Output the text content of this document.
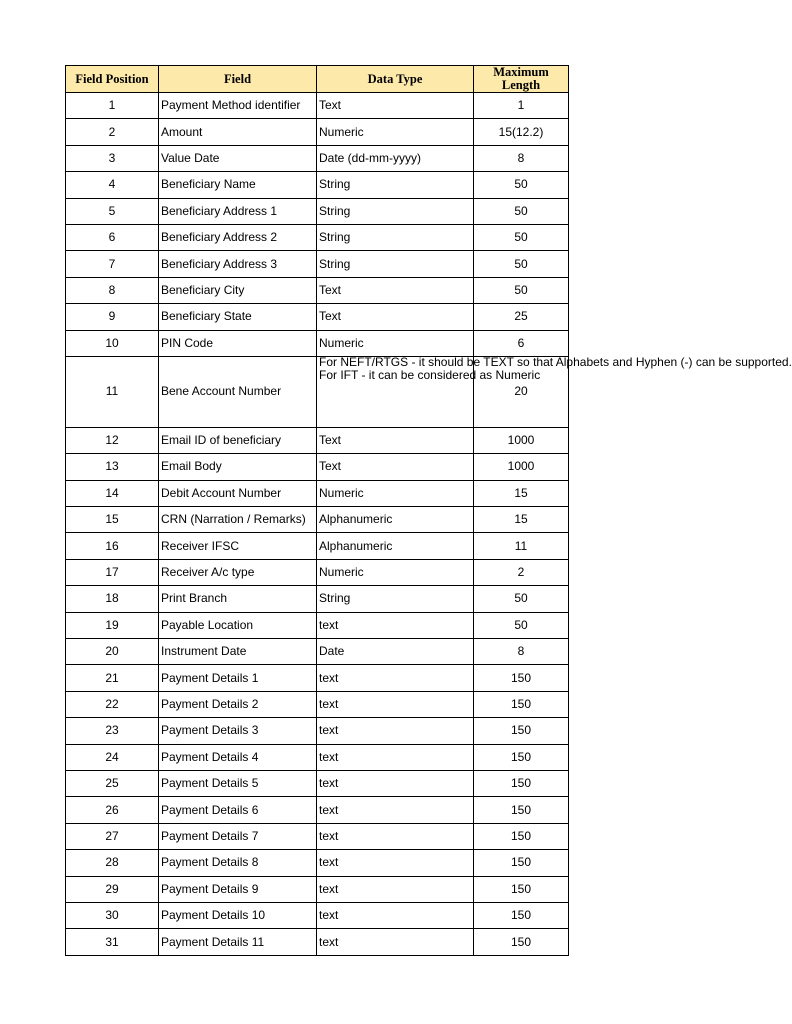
Field Position	Field	Data Type	Maximum Length
1	Payment Method identifier	Text	1
2	Amount	Numeric	15(12.2)
3	Value Date	Date (dd-mm-yyyy)	8
4	Beneficiary Name	String	50
5	Beneficiary Address 1	String	50
6	Beneficiary Address 2	String	50
7	Beneficiary Address 3	String	50
8	Beneficiary City	Text	50
9	Beneficiary State	Text	25
10	PIN Code	Numeric	6
11	Bene Account Number	For NEFT/RTGS - it should be TEXT so that Alphabets and Hyphen (-) can be supported.
For IFT - it can be considered as Numeric	20
12	Email ID of beneficiary	Text	1000
13	Email Body	Text	1000
14	Debit Account Number	Numeric	15
15	CRN (Narration / Remarks)	Alphanumeric	15
16	Receiver IFSC	Alphanumeric	11
17	Receiver A/c type	Numeric	2
18	Print Branch	String	50
19	Payable Location	text	50
20	Instrument Date	Date	8
21	Payment Details 1	text	150
22	Payment Details 2	text	150
23	Payment Details 3	text	150
24	Payment Details 4	text	150
25	Payment Details 5	text	150
26	Payment Details 6	text	150
27	Payment Details 7	text	150
28	Payment Details 8	text	150
29	Payment Details 9	text	150
30	Payment Details 10	text	150
31	Payment Details 11	text	150
